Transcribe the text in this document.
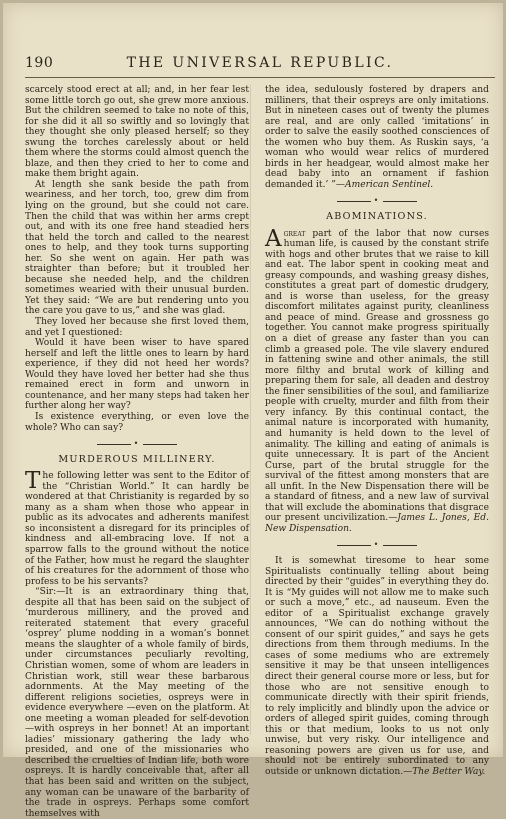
190	THE UNIVERSAL REPUBLIC.

scarcely stood erect at all; and, in her fear lest some little torch go out, she grew more anxious. But the children seemed to take no note of this, for she did it all so swiftly and so lovingly that they thought she only pleased herself; so they swung the torches carelessly about or held them where the storms could almost quench the blaze, and then they cried to her to come and make them bright again.

At length she sank beside the path from weariness, and her torch, too, grew dim from lying on the ground, but she could not care. Then the child that was within her arms crept out, and with its one free hand steadied hers that held the torch and called to the nearest ones to help, and they took turns supporting her. So she went on again. Her path was straighter than before; but it troubled her because she needed help, and the children sometimes wearied with their unusual burden. Yet they said: “We are but rendering unto you the care you gave to us,” and she was glad.

They loved her because she first loved them, and yet I questioned:

Would it have been wiser to have spared herself and left the little ones to learn by hard experience, if they did not heed her words? Would they have loved her better had she thus remained erect in form and unworn in countenance, and her many steps had taken her further along her way?

Is existence everything, or even love the whole? Who can say?

•
MURDEROUS MILLINERY.

The following letter was sent to the Editor of the “Christian World.” It can hardly be wondered at that Christianity is regarded by so many as a sham when those who appear in public as its advocates and adherents manifest so inconsistent a disregard for its principles of kindness and all-embracing love. If not a sparrow falls to the ground without the notice of the Father, how must he regard the slaughter of his creatures for the adornment of those who profess to be his servants?

“Sir:—It is an extraordinary thing that, despite all that has been said on the subject of ‘murderous millinery, and the proved and reiterated statement that every graceful ‘osprey’ plume nodding in a woman’s bonnet means the slaughter of a whole family of birds, under circumstances peculiarly revolting, Christian women, some of whom are leaders in Christian work, still wear these barbarous adornments. At the May meeting of the different religions societies, ospreys were in evidence everywhere —even on the platform. At one meeting a woman pleaded for self-devotion—with ospreys in her bonnet! At an important ladies’ missionary gathering the lady who presided, and one of the missionaries who described the cruelties of Indian life, both wore ospreys. It is hardly conceivable that, after all that has been said and written on the subject, any woman can be unaware of the barbarity of the trade in ospreys. Perhaps some comfort themselves with

the idea, sedulously fostered by drapers and milliners, that their ospreys are only imitations. But in nineteen cases out of twenty the plumes are real, and are only called ‘imitations’ in order to salve the easily soothed consciences of the women who buy them. As Ruskin says, ‘a woman who would wear relics of murdered birds in her headgear, would almost make her dead baby into an ornament if fashion demanded it.’ ”—American Sentinel.

•
ABOMINATIONS.

Agreat part of the labor that now curses human life, is caused by the constant strife with hogs and other brutes that we raise to kill and eat. The labor spent in cooking meat and greasy compounds, and washing greasy dishes, constitutes a great part of domestic drudgery, and is worse than useless, for the greasy discomfort militates against purity, cleanliness and peace of mind. Grease and grossness go together. You cannot make progress spiritually on a diet of grease any faster than you can climb a greased pole. The vile slavery endured in fattening swine and other animals, the still more filthy and brutal work of killing and preparing them for sale, all deaden and destroy the finer sensibilities of the soul, and familiarize people with cruelty, murder and filth from their very infancy. By this continual contact, the animal nature is incorporated with humanity, and humanity is held down to the level of animality. The killing and eating of animals is quite unnecessary. It is part of the Ancient Curse, part of the brutal struggle for the survival of the fittest among monsters that are all unfit. In the New Dispensation there will be a standard of fitness, and a new law of survival that will exclude the abominations that disgrace our present uncivilization.—James L. Jones, Ed. New Dispensation.

•

It is somewhat tiresome to hear some Spiritualists continually telling about being directed by their “guides” in everything they do. It is “My guides will not allow me to make such or such a move,” etc., ad nauseum. Even the editor of a Spiritualist exchange gravely announces, “We can do nothing without the consent of our spirit guides,” and says he gets directions from them through mediums. In the cases of some mediums who are extremely sensitive it may be that unseen intelligences direct their general course more or less, but for those who are not sensitive enough to communicate directly with their spirit friends, to rely implicitly and blindly upon the advice or orders of alleged spirit guides, coming through this or that medium, looks to us not only unwise, but very risky. Our intelligence and reasoning powers are given us for use, and should not be entirely subordinated to any outside or unknown dictation.—The Better Way.
